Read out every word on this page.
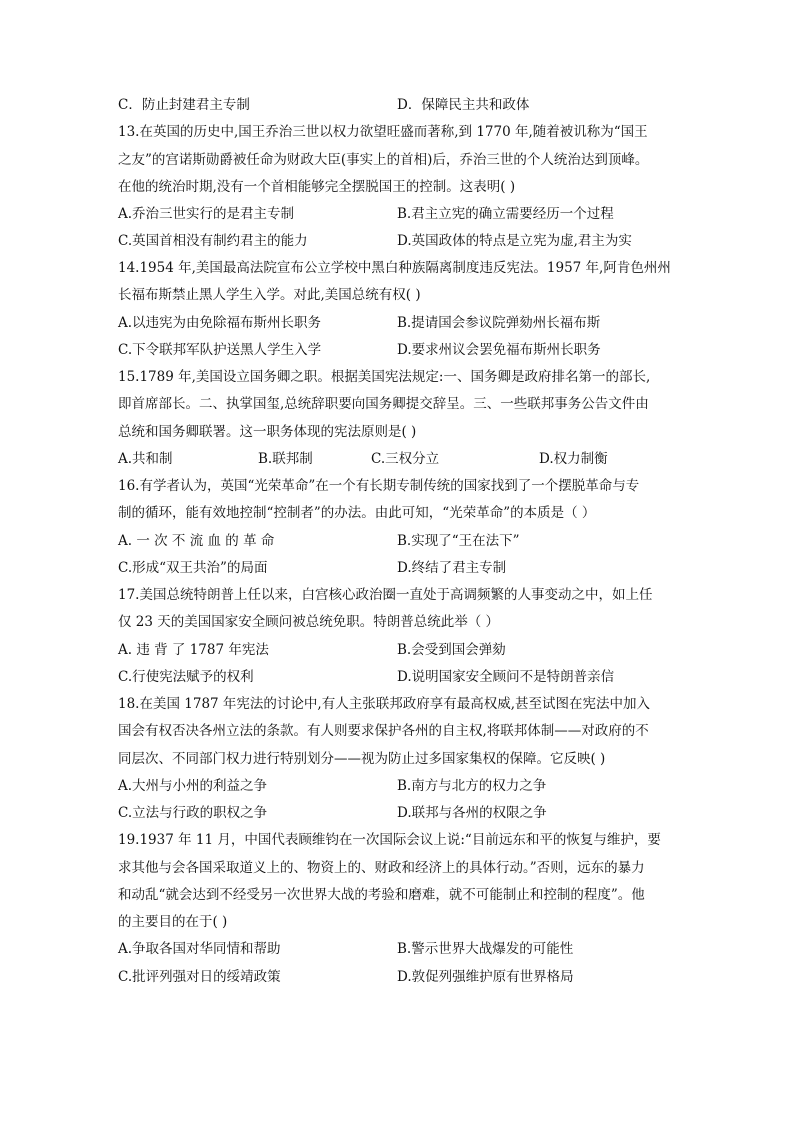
C．防止封建君主专制	D．保障民主共和政体
13.在英国的历史中,国王乔治三世以权力欲望旺盛而著称,到 1770 年,随着被讥称为“国王
之友”的宫诺斯勋爵被任命为财政大臣(事实上的首相)后，乔治三世的个人统治达到顶峰。
在他的统治时期,没有一个首相能够完全摆脱国王的控制。这表明( )
A.乔治三世实行的是君主专制	B.君主立宪的确立需要经历一个过程
C.英国首相没有制约君主的能力	D.英国政体的特点是立宪为虚,君主为实
14.1954 年,美国最高法院宣布公立学校中黑白种族隔离制度违反宪法。1957 年,阿肯色州州
长福布斯禁止黑人学生入学。对此,美国总统有权( )
A.以违宪为由免除福布斯州长职务	B.提请国会参议院弹劾州长福布斯
C.下令联邦军队护送黑人学生入学	D.要求州议会罢免福布斯州长职务
15.1789 年,美国设立国务卿之职。根据美国宪法规定:一、国务卿是政府排名第一的部长,
即首席部长。二、执掌国玺,总统辞职要向国务卿提交辞呈。三、一些联邦事务公告文件由
总统和国务卿联署。这一职务体现的宪法原则是( )
A.共和制	B.联邦制	C.三权分立	D.权力制衡
16.有学者认为，英国“光荣革命”在一个有长期专制传统的国家找到了一个摆脱革命与专
制的循环，能有效地控制“控制者”的办法。由此可知，“光荣革命”的本质是（ ）
A. 一 次 不 流 血 的 革 命	B.实现了“王在法下”
C.形成“双王共治”的局面	D.终结了君主专制
17.美国总统特朗普上任以来，白宫核心政治圈一直处于高调频繁的人事变动之中，如上任
仅 23 天的美国国家安全顾问被总统免职。特朗普总统此举（ ）
A. 违 背 了 1787 年宪法	B.会受到国会弹劾
C.行使宪法赋予的权利	D.说明国家安全顾问不是特朗普亲信
18.在美国 1787 年宪法的讨论中,有人主张联邦政府享有最高权威,甚至试图在宪法中加入
国会有权否决各州立法的条款。有人则要求保护各州的自主权,将联邦体制——对政府的不
同层次、不同部门权力进行特别划分——视为防止过多国家集权的保障。它反映( )
A.大州与小州的利益之争	B.南方与北方的权力之争
C.立法与行政的职权之争	D.联邦与各州的权限之争
19.1937 年 11 月，中国代表顾维钧在一次国际会议上说:“目前远东和平的恢复与维护，要
求其他与会各国采取道义上的、物资上的、财政和经济上的具体行动。”否则，远东的暴力
和动乱“就会达到不经受另一次世界大战的考验和磨难，就不可能制止和控制的程度”。他
的主要目的在于( )
A.争取各国对华同情和帮助	B.警示世界大战爆发的可能性
C.批评列强对日的绥靖政策	D.敦促列强维护原有世界格局
